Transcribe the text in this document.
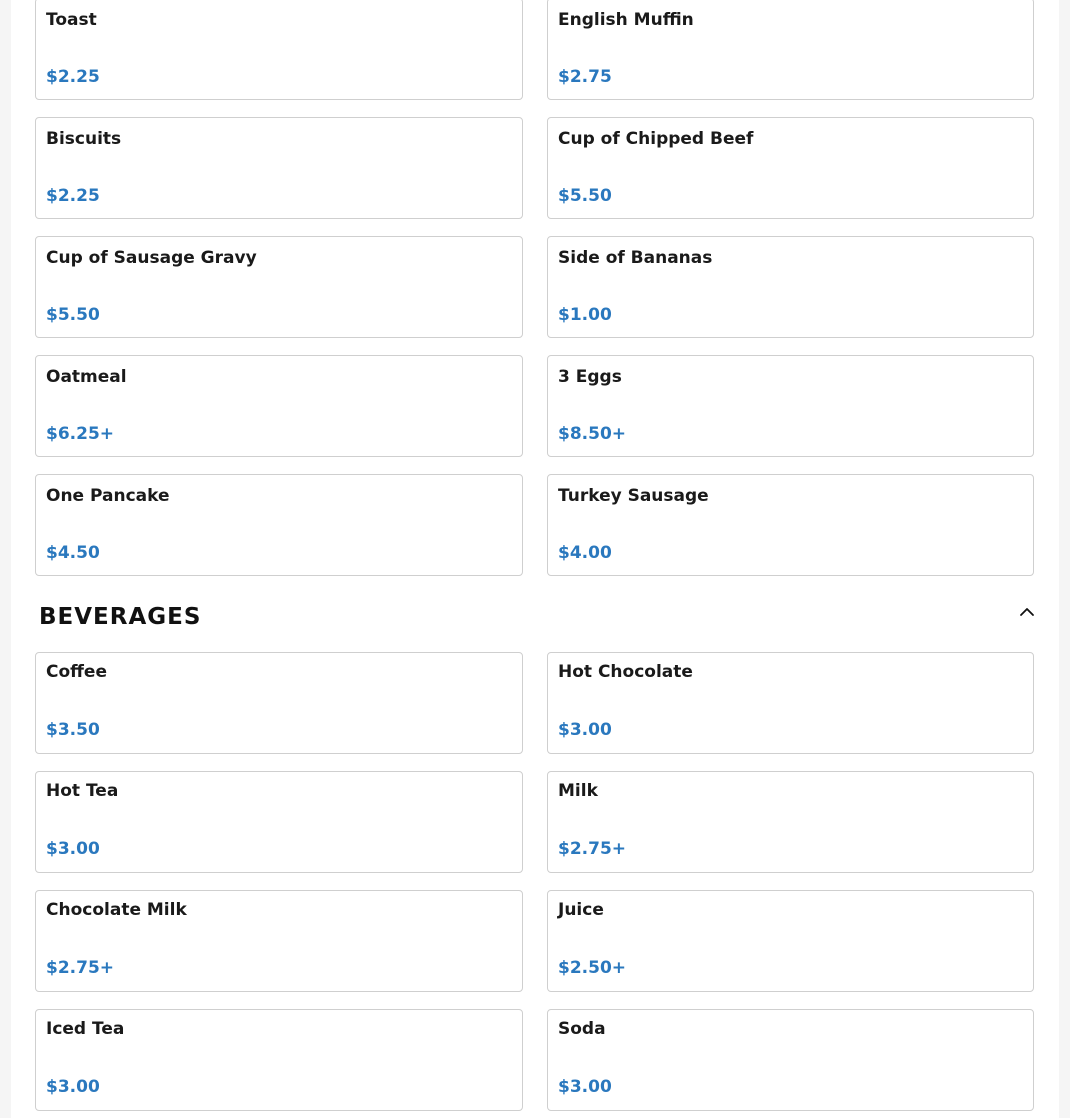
Toast
$2.25
English Muffin
$2.75
Biscuits
$2.25
Cup of Chipped Beef
$5.50
Cup of Sausage Gravy
$5.50
Side of Bananas
$1.00
Oatmeal
$6.25+
3 Eggs
$8.50+
One Pancake
$4.50
Turkey Sausage
$4.00
BEVERAGES
Coffee
$3.50
Hot Chocolate
$3.00
Hot Tea
$3.00
Milk
$2.75+
Chocolate Milk
$2.75+
Juice
$2.50+
Iced Tea
$3.00
Soda
$3.00
